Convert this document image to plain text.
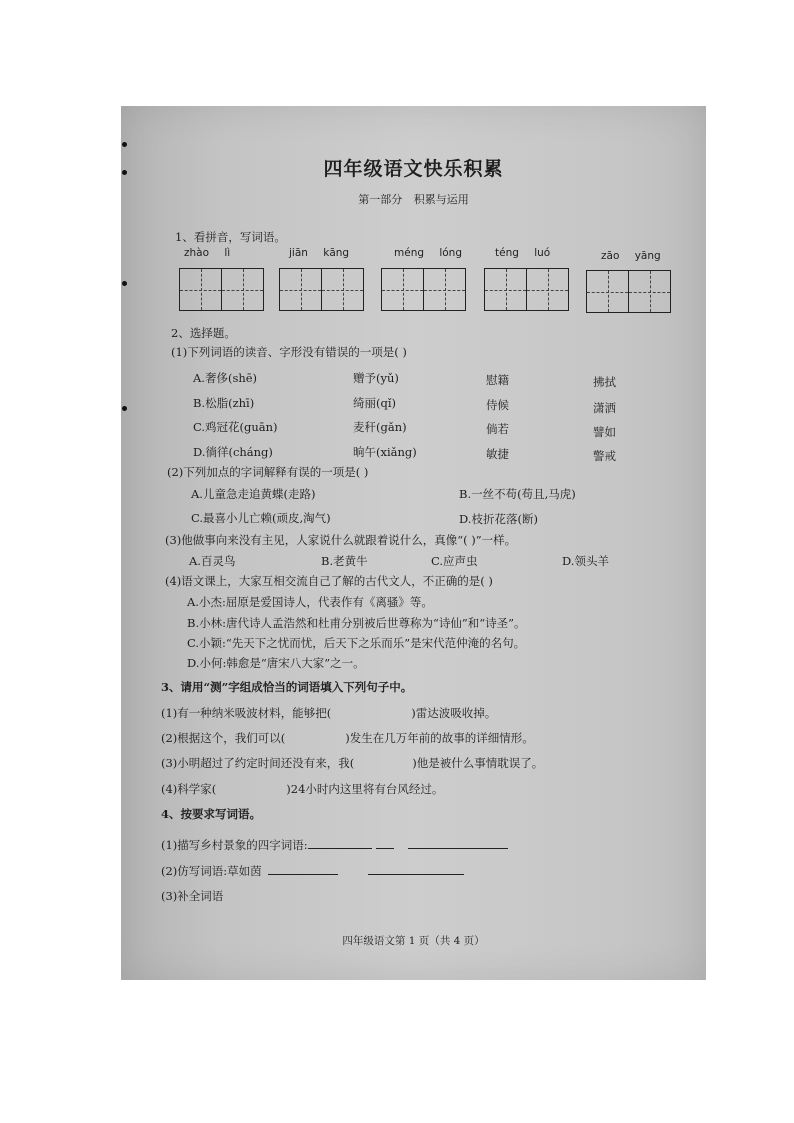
四年级语文快乐积累
第一部分 积累与运用
1、看拼音，写词语。
zhào lì	jiān kāng	méng lóng	téng luó	zāo yāng
2、选择题。
(1)下列词语的读音、字形没有错误的一项是( )
A.奢侈(shē)	赠予(yǔ)	慰籍	拂拭
B.松脂(zhī)	绮丽(qǐ)	侍候	潇洒
C.鸡冠花(guān)	麦秆(gǎn)	倘若	譬如
D.徜徉(cháng)	晌午(xiǎng)	敏捷	警戒
(2)下列加点的字词解释有误的一项是( )
A.儿童急走追黄蝶(走路)	B.一丝不苟(苟且,马虎)
C.最喜小儿亡赖(顽皮,淘气)	D.枝折花落(断)
(3)他做事向来没有主见，人家说什么就跟着说什么，真像“( )”一样。
A.百灵鸟	B.老黄牛	C.应声虫	D.领头羊
(4)语文课上，大家互相交流自己了解的古代文人，不正确的是( )
A.小杰:屈原是爱国诗人，代表作有《离骚》等。
B.小林:唐代诗人孟浩然和杜甫分别被后世尊称为“诗仙”和“诗圣”。
C.小颖:“先天下之忧而忧，后天下之乐而乐”是宋代范仲淹的名句。
D.小何:韩愈是“唐宋八大家”之一。
3、请用“测”字组成恰当的词语填入下列句子中。
(1)有一种纳米吸波材料，能够把(	)雷达波吸收掉。
(2)根据这个，我们可以(	)发生在几万年前的故事的详细情形。
(3)小明超过了约定时间还没有来，我(	)他是被什么事情耽误了。
(4)科学家(	)24小时内这里将有台风经过。
4、按要求写词语。
(1)描写乡村景象的四字词语:
(2)仿写词语:草如茵
(3)补全词语
四年级语文第 1 页（共 4 页）
